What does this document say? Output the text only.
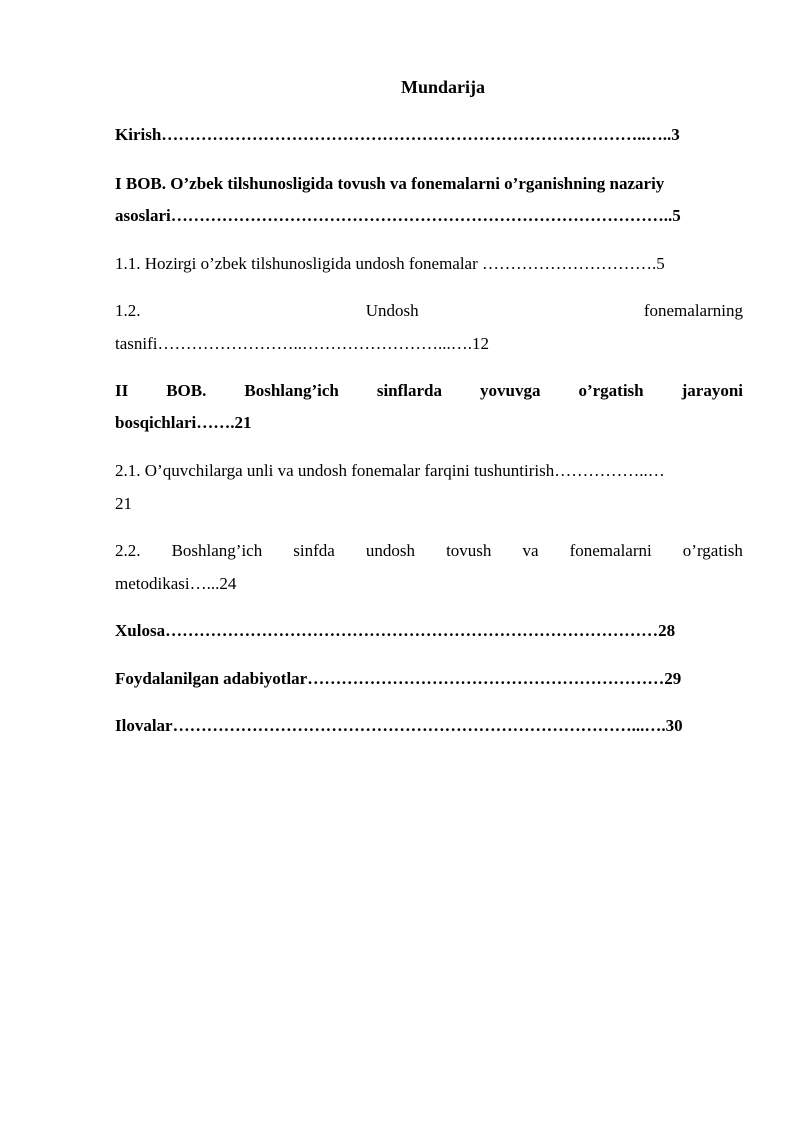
Mundarija
Kirish…………………………………………………………………………..…..3
I BOB. O’zbek tilshunosligida tovush va fonemalarni o’rganishning nazariy
asoslari……………………………………………………………………………..5
1.1. Hozirgi o’zbek tilshunosligida undosh fonemalar ………………………….5
1.2.	Undosh	fonemalarning
tasnifi……………………..……………………...….12
II BOB. Boshlang’ich sinflarda yovuvga o’rgatish jarayoni
bosqichlari…….21
2.1. O’quvchilarga unli va undosh fonemalar farqini tushuntirish……………..…
21
2.2. Boshlang’ich sinfda undosh tovush va fonemalarni o’rgatish
metodikasi…...24
Xulosa……………………………………………………………………………28
Foydalanilgan adabiyotlar………………………………………………………29
Ilovalar………………………………………………………………………...….30
